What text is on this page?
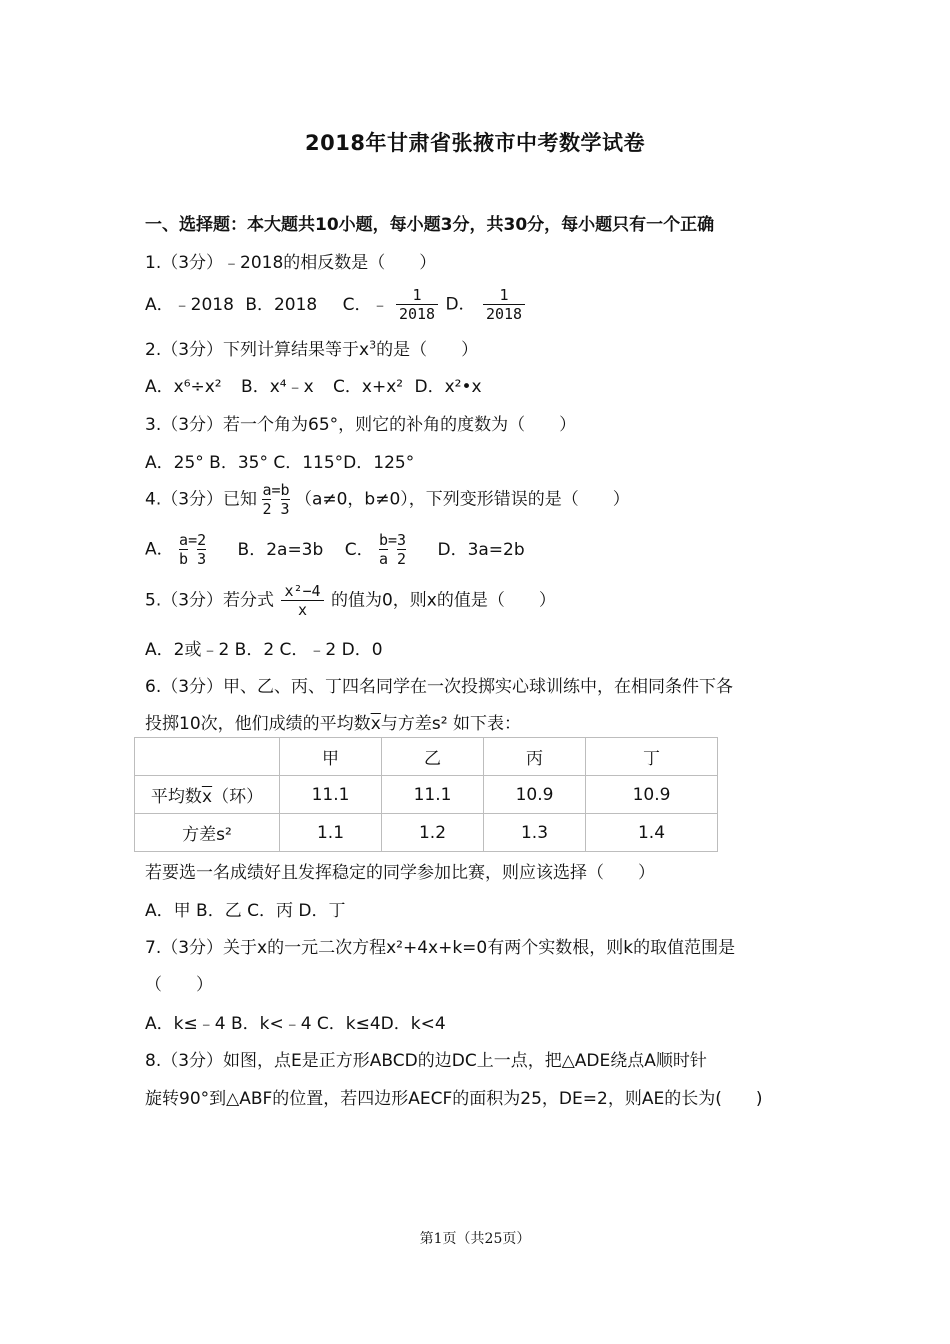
2018年甘肃省张掖市中考数学试卷
一、选择题：本大题共10小题，每小题3分，共30分，每小题只有一个正确
1.（3分）﹣2018的相反数是（　　）
A．﹣2018 B．2018 C．﹣ $\frac{1}{2018}$ D． $\frac{1}{2018}$
2.（3分）下列计算结果等于$x^3$的是（　　）
A．x⁶÷x² B．x⁴﹣x C．x+x² D．x²•x
3.（3分）若一个角为65°，则它的补角的度数为（　　）
A．25° B．35° C．115°D．125°
4.（3分）已知 a=b
2 3 （a≠0，b≠0），下列变形错误的是（　　）
A． a=2
b 3 B．2a=3b C． b=3
a 2 D．3a=2b
5.（3分）若分式 $\frac{\text{x²−4}}{x}$ 的值为0，则x的值是（　　）
A．2或﹣2 B．2 C．﹣2 D．0
6.（3分）甲、乙、丙、丁四名同学在一次投掷实心球训练中，在相同条件下各
投掷10次，他们成绩的平均数$\overline{x}$与方差s² 如下表：
	甲	乙	丙	丁
平均数$\overline{x}$（环）	11.1	11.1	10.9	10.9
方差s²	1.1	1.2	1.3	1.4
若要选一名成绩好且发挥稳定的同学参加比赛，则应该选择（　　）
A．甲 B．乙 C．丙 D．丁
7.（3分）关于x的一元二次方程x²+4x+k=0有两个实数根，则k的取值范围是
（　　）
A．k≤﹣4 B．k<﹣4 C．k≤4D．k<4
8.（3分）如图，点E是正方形ABCD的边DC上一点，把△ADE绕点A顺时针
旋转90°到△ABF的位置，若四边形AECF的面积为25，DE=2，则AE的长为(　　)
第1页（共25页）
